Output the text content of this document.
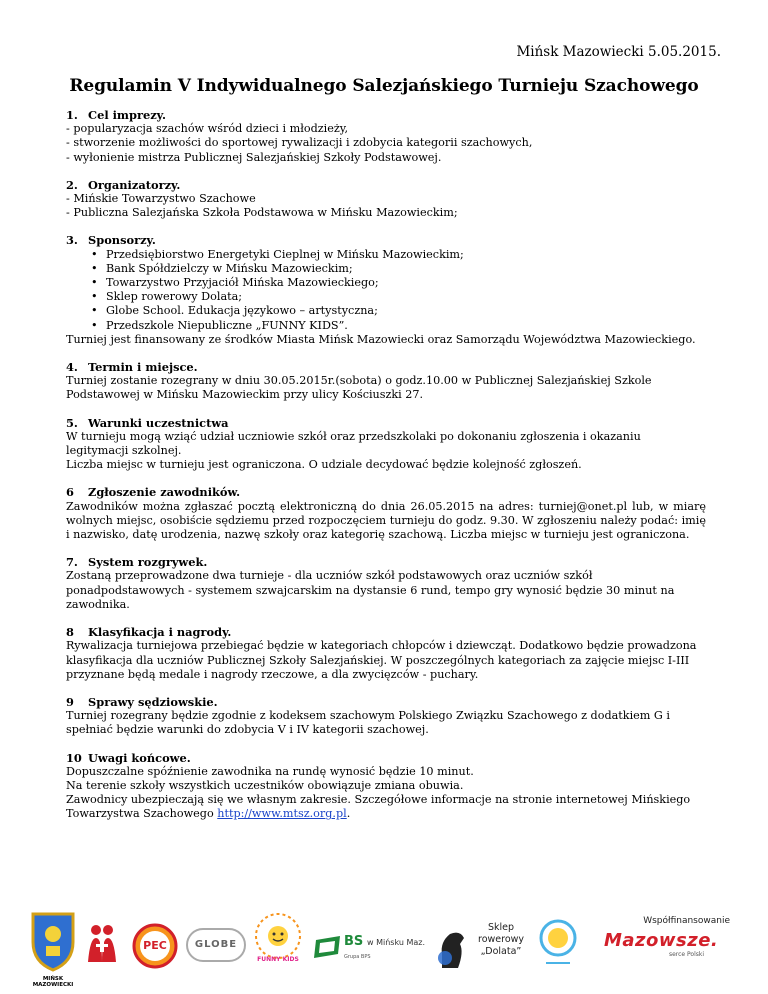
Mińsk Mazowiecki 5.05.2015.
Regulamin V Indywidualnego Salezjańskiego Turnieju Szachowego
1. Cel imprezy.

- popularyzacja szachów wśród dzieci i młodzieży,

- stworzenie możliwości do sportowej rywalizacji i zdobycia kategorii szachowych,

- wyłonienie mistrza Publicznej Salezjańskiej Szkoły Podstawowej.

2. Organizatorzy.

- Mińskie Towarzystwo Szachowe

- Publiczna Salezjańska Szkoła Podstawowa w Mińsku Mazowieckim;

3. Sponsorzy.
• Przedsiębiorstwo Energetyki Cieplnej w Mińsku Mazowieckim;
• Bank Spółdzielczy w Mińsku Mazowieckim;
• Towarzystwo Przyjaciół Mińska Mazowieckiego;
• Sklep rowerowy Dolata;
• Globe School. Edukacja językowo – artystyczna;
• Przedszkole Niepubliczne „FUNNY KIDS”.

Turniej jest finansowany ze środków Miasta Mińsk Mazowiecki oraz Samorządu Województwa Mazowieckiego.

4. Termin i miejsce.

Turniej zostanie rozegrany w dniu 30.05.2015r.(sobota) o godz.10.00 w Publicznej Salezjańskiej Szkole Podstawowej w Mińsku Mazowieckim przy ulicy Kościuszki 27.

5. Warunki uczestnictwa

W turnieju mogą wziąć udział uczniowie szkół oraz przedszkolaki po dokonaniu zgłoszenia i okazaniu legitymacji szkolnej.

Liczba miejsc w turnieju jest ograniczona. O udziale decydować będzie kolejność zgłoszeń.

6 Zgłoszenie zawodników.

Zawodników można zgłaszać pocztą elektroniczną do dnia 26.05.2015 na adres: turniej@onet.pl lub, w miarę wolnych miejsc, osobiście sędziemu przed rozpoczęciem turnieju do godz. 9.30. W zgłoszeniu należy podać: imię i nazwisko, datę urodzenia, nazwę szkoły oraz kategorię szachową. Liczba miejsc w turnieju jest ograniczona.

7. System rozgrywek.

Zostaną przeprowadzone dwa turnieje - dla uczniów szkół podstawowych oraz uczniów szkół ponadpodstawowych - systemem szwajcarskim na dystansie 6 rund, tempo gry wynosić będzie 30 minut na zawodnika.

8 Klasyfikacja i nagrody.

Rywalizacja turniejowa przebiegać będzie w kategoriach chłopców i dziewcząt. Dodatkowo będzie prowadzona klasyfikacja dla uczniów Publicznej Szkoły Salezjańskiej. W poszczególnych kategoriach za zajęcie miejsc I-III przyznane będą medale i nagrody rzeczowe, a dla zwycięzców - puchary.

9 Sprawy sędziowskie.

Turniej rozegrany będzie zgodnie z kodeksem szachowym Polskiego Związku Szachowego z dodatkiem G i spełniać będzie warunki do zdobycia V i IV kategorii szachowej.

10 Uwagi końcowe.

Dopuszczalne spóźnienie zawodnika na rundę wynosić będzie 10 minut.

Na terenie szkoły wszystkich uczestników obowiązuje zmiana obuwia.

Zawodnicy ubezpieczają się we własnym zakresie. Szczegółowe informacje na stronie internetowej Mińskiego

Towarzystwa Szachowego http://www.mtsz.org.pl.

MIŃSK
MAZOWIECKI
PEC	GLOBE
FUNNY KIDS
BS w Mińsku Maz.
Grupa BPS
Sklep
rowerowy
„Dolata”
Współfinansowanie
Mazowsze.
serce Polski
